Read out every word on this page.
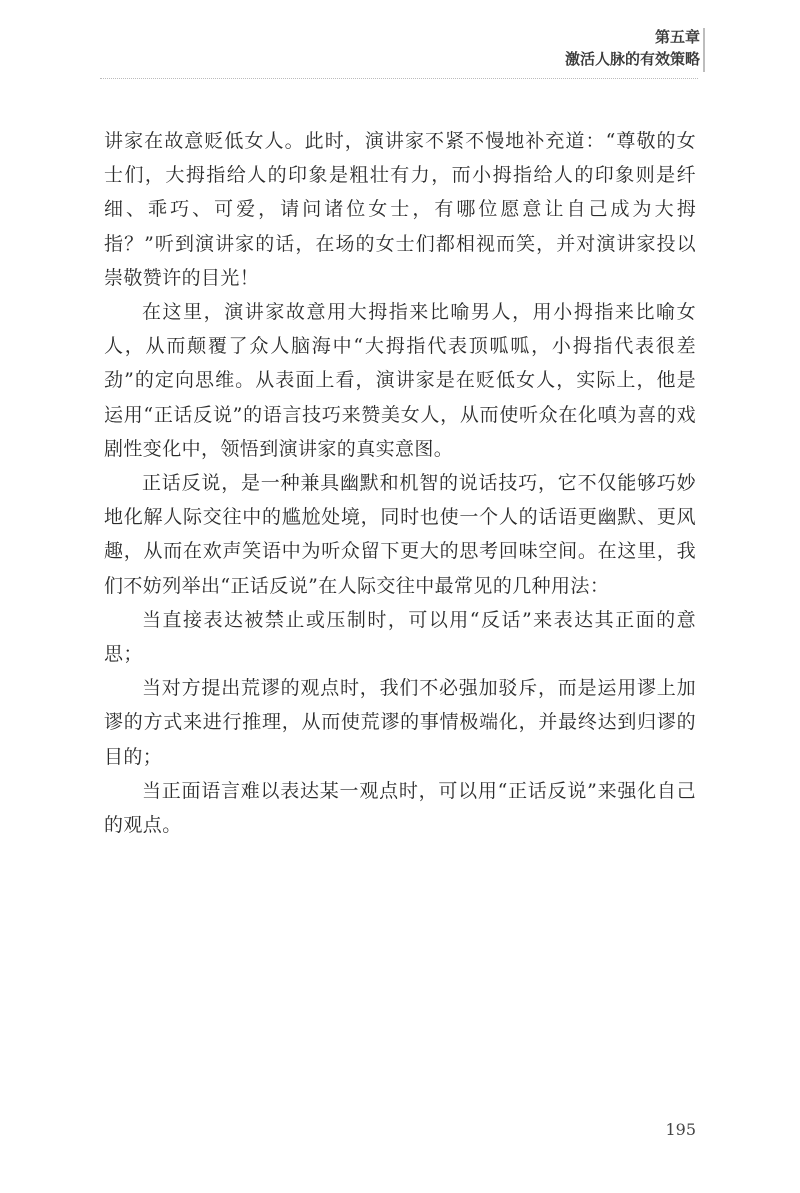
第五章
激活人脉的有效策略

讲家在故意贬低女人。此时，演讲家不紧不慢地补充道：“尊敬的女士们，大拇指给人的印象是粗壮有力，而小拇指给人的印象则是纤细、乖巧、可爱，请问诸位女士，有哪位愿意让自己成为大拇指？”听到演讲家的话，在场的女士们都相视而笑，并对演讲家投以崇敬赞许的目光！

在这里，演讲家故意用大拇指来比喻男人，用小拇指来比喻女人，从而颠覆了众人脑海中“大拇指代表顶呱呱，小拇指代表很差劲”的定向思维。从表面上看，演讲家是在贬低女人，实际上，他是运用“正话反说”的语言技巧来赞美女人，从而使听众在化嗔为喜的戏剧性变化中，领悟到演讲家的真实意图。

正话反说，是一种兼具幽默和机智的说话技巧，它不仅能够巧妙地化解人际交往中的尴尬处境，同时也使一个人的话语更幽默、更风趣，从而在欢声笑语中为听众留下更大的思考回味空间。在这里，我们不妨列举出“正话反说”在人际交往中最常见的几种用法：

当直接表达被禁止或压制时，可以用“反话”来表达其正面的意思；

当对方提出荒谬的观点时，我们不必强加驳斥，而是运用谬上加谬的方式来进行推理，从而使荒谬的事情极端化，并最终达到归谬的目的；

当正面语言难以表达某一观点时，可以用“正话反说”来强化自己的观点。

195
